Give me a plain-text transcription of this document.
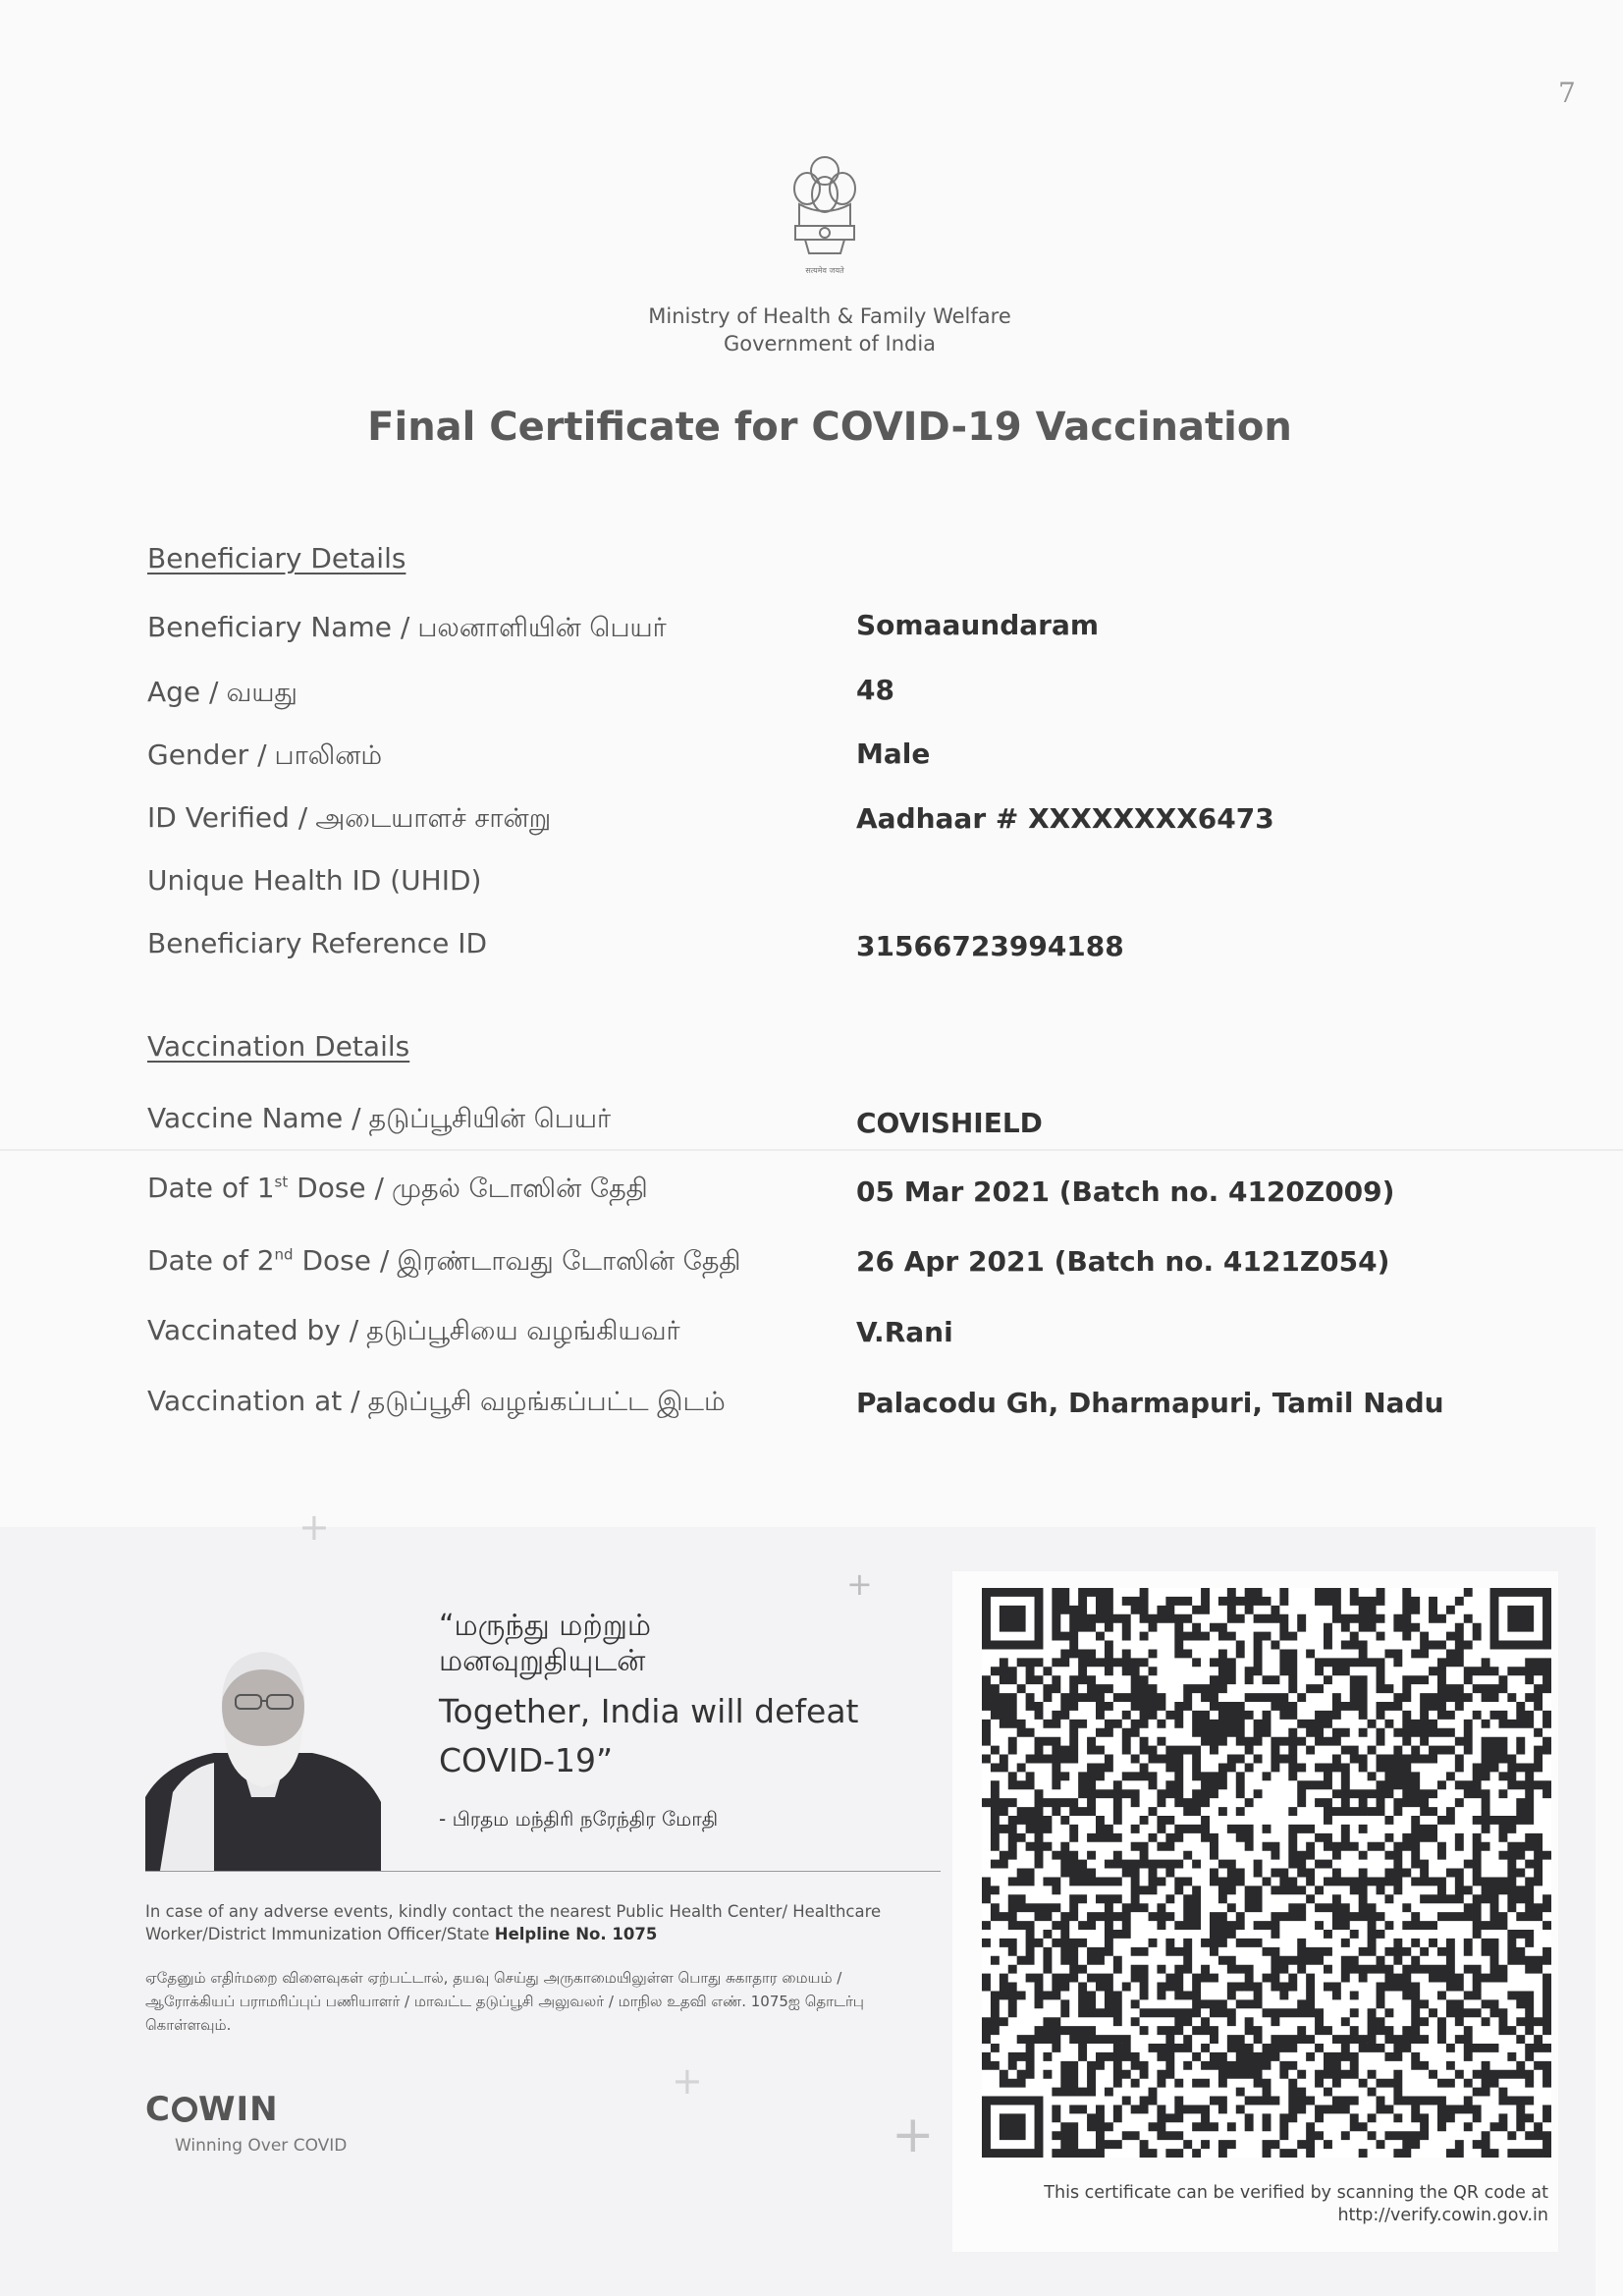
7
सत्यमेव जयते
Ministry of Health & Family Welfare
Government of India
Final Certificate for COVID-19 Vaccination
Beneficiary Details
Beneficiary Name / பலனாளியின் பெயர்	Somaaundaram
Age / வயது	48
Gender / பாலினம்	Male
ID Verified / அடையாளச் சான்று	Aadhaar # XXXXXXXX6473
Unique Health ID (UHID)
Beneficiary Reference ID	31566723994188
Vaccination Details
Vaccine Name / தடுப்பூசியின் பெயர்	COVISHIELD
Date of 1st Dose / முதல் டோஸின் தேதி	05 Mar 2021 (Batch no. 4120Z009)
Date of 2nd Dose / இரண்டாவது டோஸின் தேதி	26 Apr 2021 (Batch no. 4121Z054)
Vaccinated by / தடுப்பூசியை வழங்கியவர்	V.Rani
Vaccination at / தடுப்பூசி வழங்கப்பட்ட இடம்	Palacodu Gh, Dharmapuri, Tamil Nadu
+
+
+
+
“மருந்து மற்றும்
மனவுறுதியுடன்
Together, India will defeat COVID-19”
- பிரதம மந்திரி நரேந்திர மோதி
In case of any adverse events, kindly contact the nearest Public Health Center/ Healthcare Worker/District Immunization Officer/State Helpline No. 1075
ஏதேனும் எதிர்மறை விளைவுகள் ஏற்பட்டால், தயவு செய்து அருகாமையிலுள்ள பொது சுகாதார மையம் / ஆரோக்கியப் பராமரிப்புப் பணியாளர் / மாவட்ட தடுப்பூசி அலுவலர் / மாநில உதவி எண். 1075ஐ தொடர்பு கொள்ளவும்.
C WIN
Winning Over COVID
This certificate can be verified by scanning the QR code at
http://verify.cowin.gov.in
